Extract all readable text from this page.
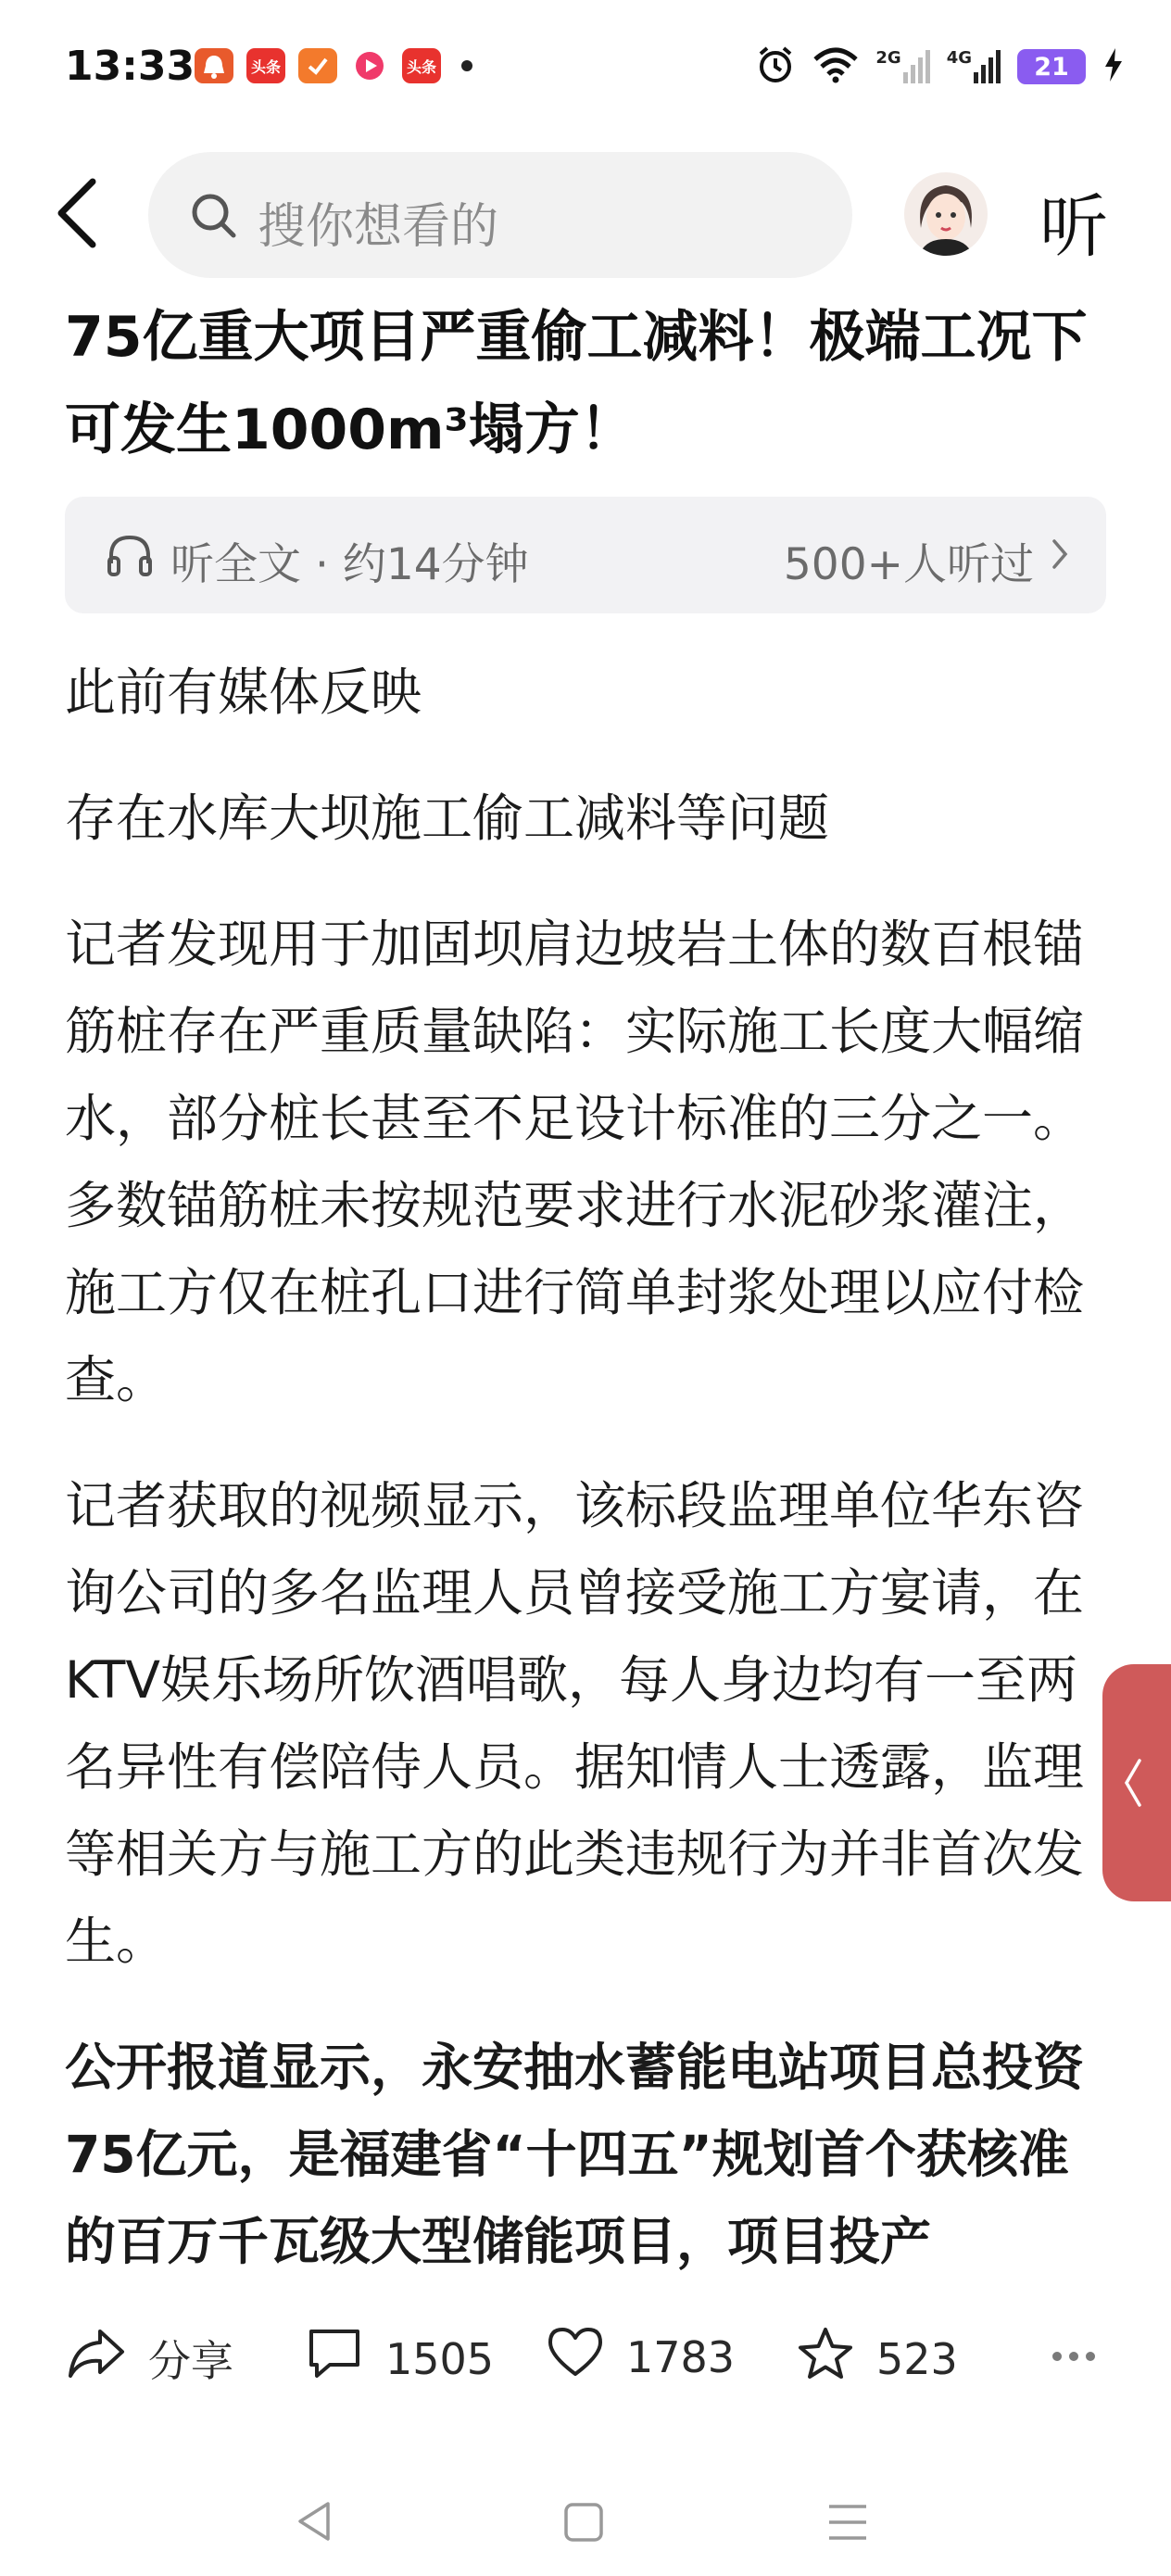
13:33	头条	头条	2G	4G	21
搜你想看的	听
75亿重大项目严重偷工减料！极端工况下可发生1000m³塌方！
听全文 · 约14分钟	500+人听过

此前有媒体反映

存在水库大坝施工偷工减料等问题

记者发现用于加固坝肩边坡岩土体的数百根锚筋桩存在严重质量缺陷：实际施工长度大幅缩水，部分桩长甚至不足设计标准的三分之一。多数锚筋桩未按规范要求进行水泥砂浆灌注，施工方仅在桩孔口进行简单封浆处理以应付检查。

记者获取的视频显示，该标段监理单位华东咨询公司的多名监理人员曾接受施工方宴请，在KTV娱乐场所饮酒唱歌，每人身边均有一至两名异性有偿陪侍人员。据知情人士透露，监理等相关方与施工方的此类违规行为并非首次发生。

公开报道显示，永安抽水蓄能电站项目总投资75亿元，是福建省“十四五”规划首个获核准的百万千瓦级大型储能项目，项目投产

分享	1505	1783	523
